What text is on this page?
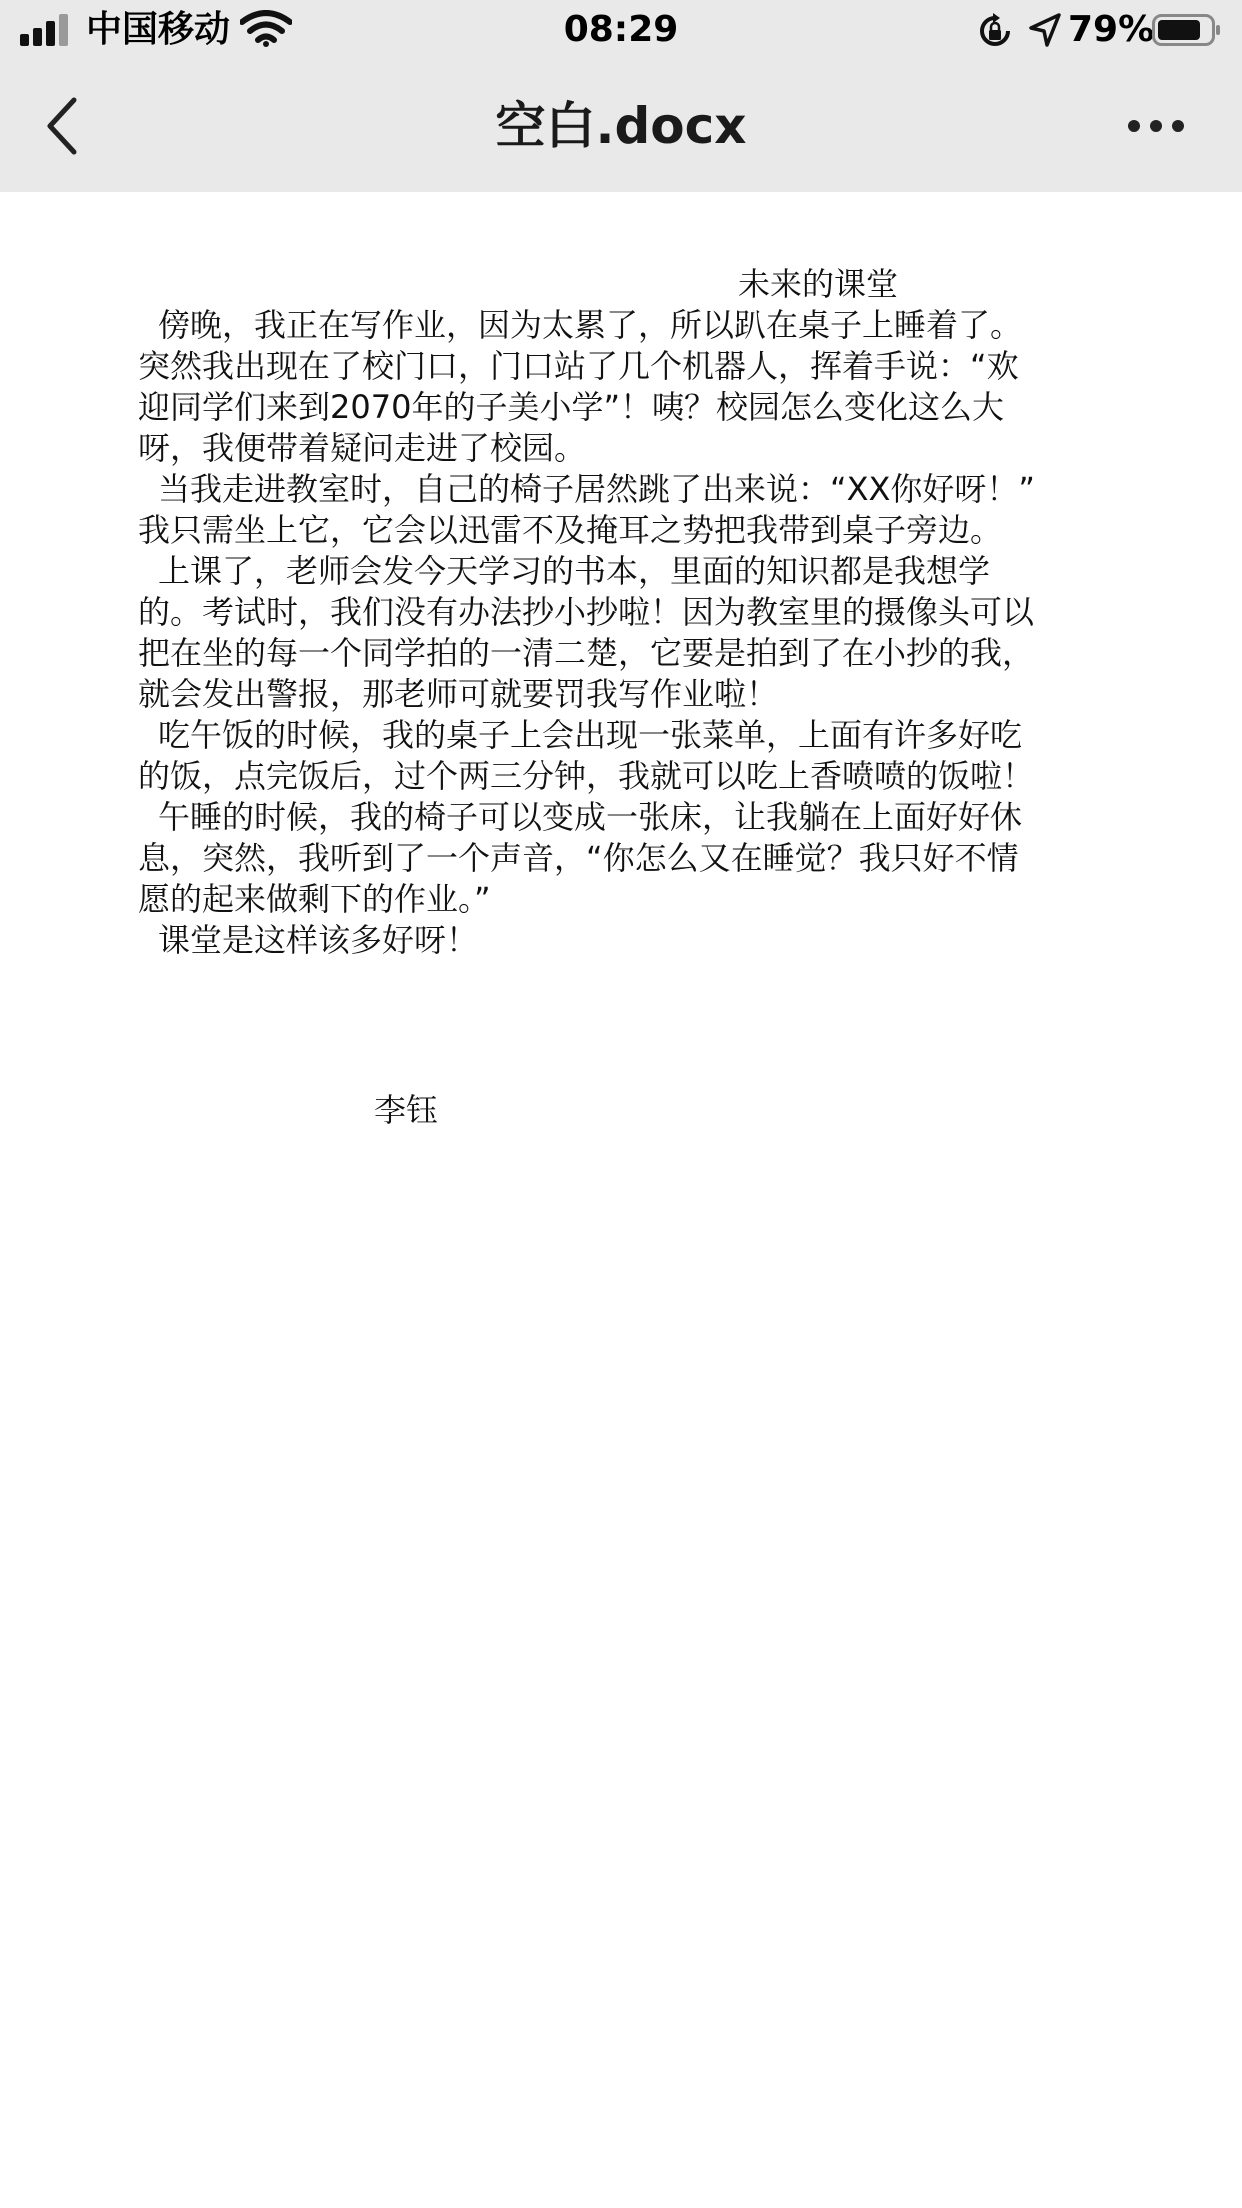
中国移动	08:29	79%
空白.docx
未来的课堂
傍晚，我正在写作业，因为太累了，所以趴在桌子上睡着了。
突然我出现在了校门口，门口站了几个机器人，挥着手说：“欢
迎同学们来到2070年的子美小学”！咦？校园怎么变化这么大
呀，我便带着疑问走进了校园。
当我走进教室时，自己的椅子居然跳了出来说：“XX你好呀！”
我只需坐上它，它会以迅雷不及掩耳之势把我带到桌子旁边。
上课了，老师会发今天学习的书本，里面的知识都是我想学
的。考试时，我们没有办法抄小抄啦！因为教室里的摄像头可以
把在坐的每一个同学拍的一清二楚，它要是拍到了在小抄的我，
就会发出警报，那老师可就要罚我写作业啦！
吃午饭的时候，我的桌子上会出现一张菜单，上面有许多好吃
的饭，点完饭后，过个两三分钟，我就可以吃上香喷喷的饭啦！
午睡的时候，我的椅子可以变成一张床，让我躺在上面好好休
息，突然，我听到了一个声音，“你怎么又在睡觉？我只好不情
愿的起来做剩下的作业。”
课堂是这样该多好呀！
李钰
